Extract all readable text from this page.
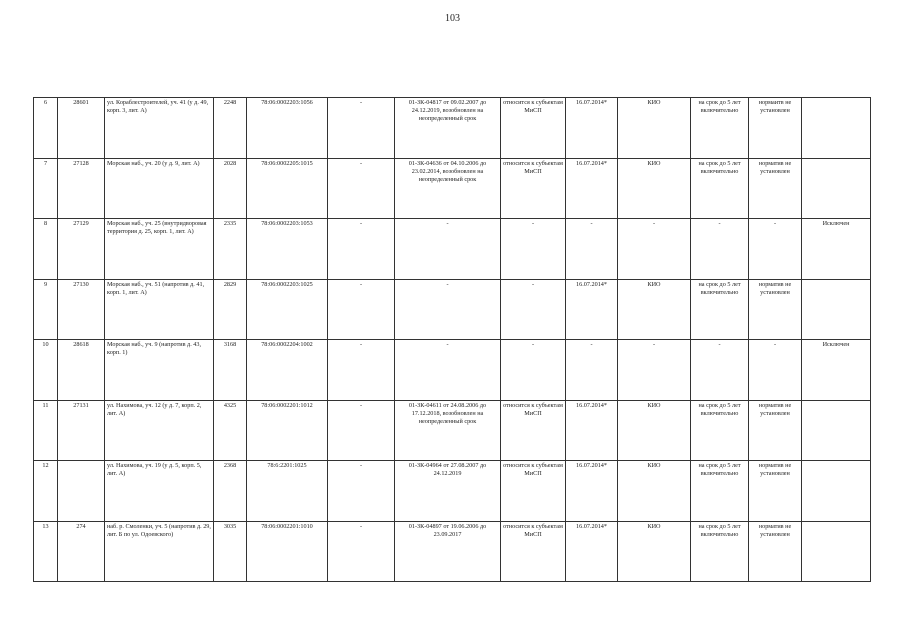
103
6	28601	ул. Кораблестроителей, уч. 41 (у д. 49, корп. 3, лит. А)	2248	78:06:0002203:1056	-	01-ЗК-04817 от 09.02.2007 до 24.12.2019, возобновлен на неопределенный срок	относится к субъектам МиСП	16.07.2014*	КИО	на срок до 5 лет включительно	нормаитв не установлен	
7	27128	Морская наб., уч. 20 (у д. 9, лит. А)	2028	78:06:0002205:1015	-	01-ЗК-04636 от 04.10.2006 до 23.02.2014, возобновлен на неопределенный срок	относится к субъектам МиСП	16.07.2014*	КИО	на срок до 5 лет включительно	норматив не установлен	
8	27129	Морская наб., уч. 25 (внутридворовая территория д. 25, корп. 1, лит. А)	2335	78:06:0002203:1053	-	-	-	-	-	-	-	Исключен
9	27130	Морская наб., уч. 51 (напротив д. 41, корп. 1, лит. А)	2829	78:06:0002203:1025	-	-	-	16.07.2014*	КИО	на срок до 5 лет включительно	норматив не установлен	
10	28618	Морская наб., уч. 9 (напротив д. 43, корп. 1)	3168	78:06:0002204:1002	-	-	-	-	-	-	-	Исключен
11	27131	ул. Нахимова, уч. 12 (у д. 7, корп. 2, лит. А)	4325	78:06:0002201:1012	-	01-ЗК-04611 от 24.08.2006 до 17.12.2018, возобновлен на неопределенный срок	относится к субъектам МиСП	16.07.2014*	КИО	на срок до 5 лет включительно	норматив не установлен	
12		ул. Нахимова, уч. 19 (у д. 5, корп. 5, лит. А)	2368	78:6:2201:1025	-	01-ЗК-04964 от 27.08.2007 до 24.12.2019	относится к субъектам МиСП	16.07.2014*	КИО	на срок до 5 лет включительно	норматив не установлен	
13	274	наб. р. Смоленки, уч. 5 (напротив д. 29, лит. Б по ул. Одоевского)	3035	78:06:0002201:1010	-	01-ЗК-04897 от 19.06.2006 до 23.09.2017	относится к субъектам МиСП	16.07.2014*	КИО	на срок до 5 лет включительно	норматив не установлен	
